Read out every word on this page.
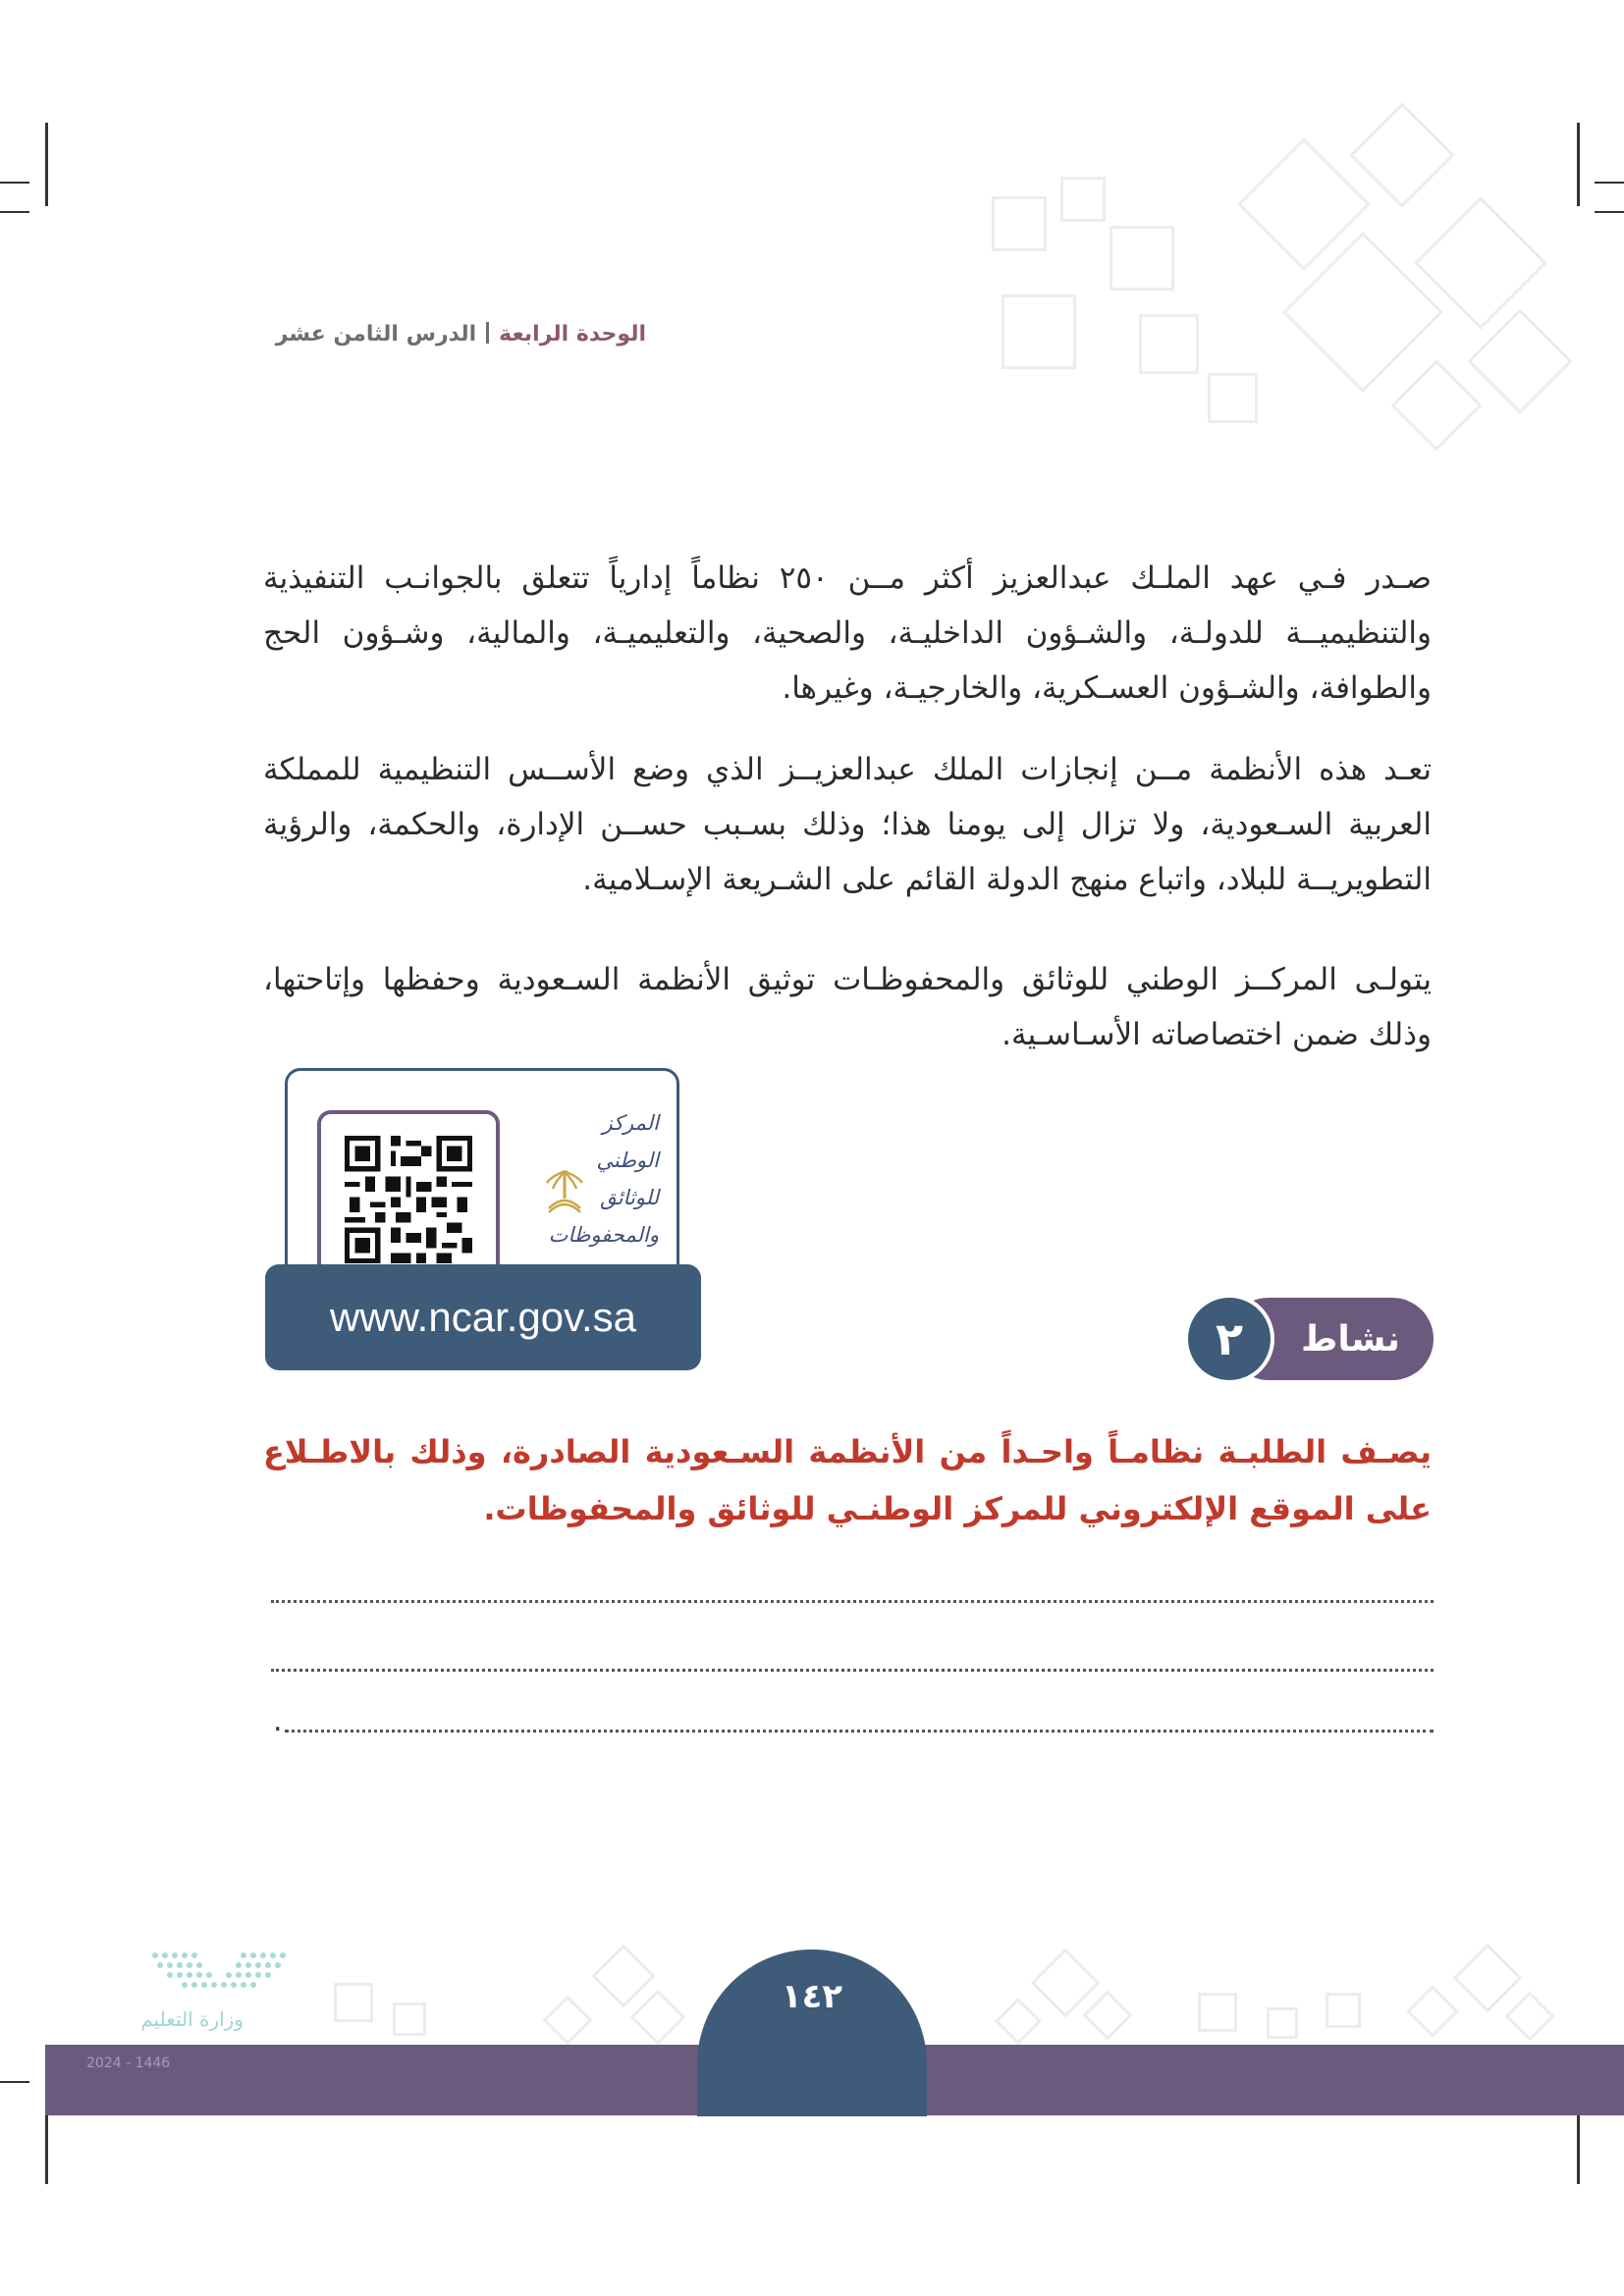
الوحدة الرابعةالدرس الثامن عشر

صـدر فـي عهد الملـك عبدالعزيز أكثر مــن ٢٥٠ نظاماً إدارياً تتعلق بالجوانـب التنفيذية والتنظيميــة للدولـة، والشـؤون الداخليـة، والصحية، والتعليميـة، والمالية، وشـؤون الحج والطوافة، والشـؤون العسـكرية، والخارجيـة، وغيرها.

تعـد هذه الأنظمة مــن إنجازات الملك عبدالعزيــز الذي وضع الأســس التنظيمية للمملكة العربية السـعودية، ولا تزال إلى يومنا هذا؛ وذلك بسـبب حســن الإدارة، والحكمة، والرؤية التطويريــة للبلاد، واتباع منهج الدولة القائم على الشـريعة الإسـلامية.

يتولـى المركــز الوطني للوثائق والمحفوظـات توثيق الأنظمة السـعودية وحفظها وإتاحتها، وذلك ضمن اختصاصاته الأسـاسـية.

المركز
الوطني
للوثائق
والمحفوظات
www.ncar.gov.sa	نشاط
٢

يصـف الطلبـة نظامـاً واحـداً من الأنظمة السـعودية الصادرة، وذلك بالاطـلاع على الموقع الإلكتروني للمركز الوطنـي للوثائق والمحفوظات.

.
١٤٢
وزارة التعليم
2024 - 1446
